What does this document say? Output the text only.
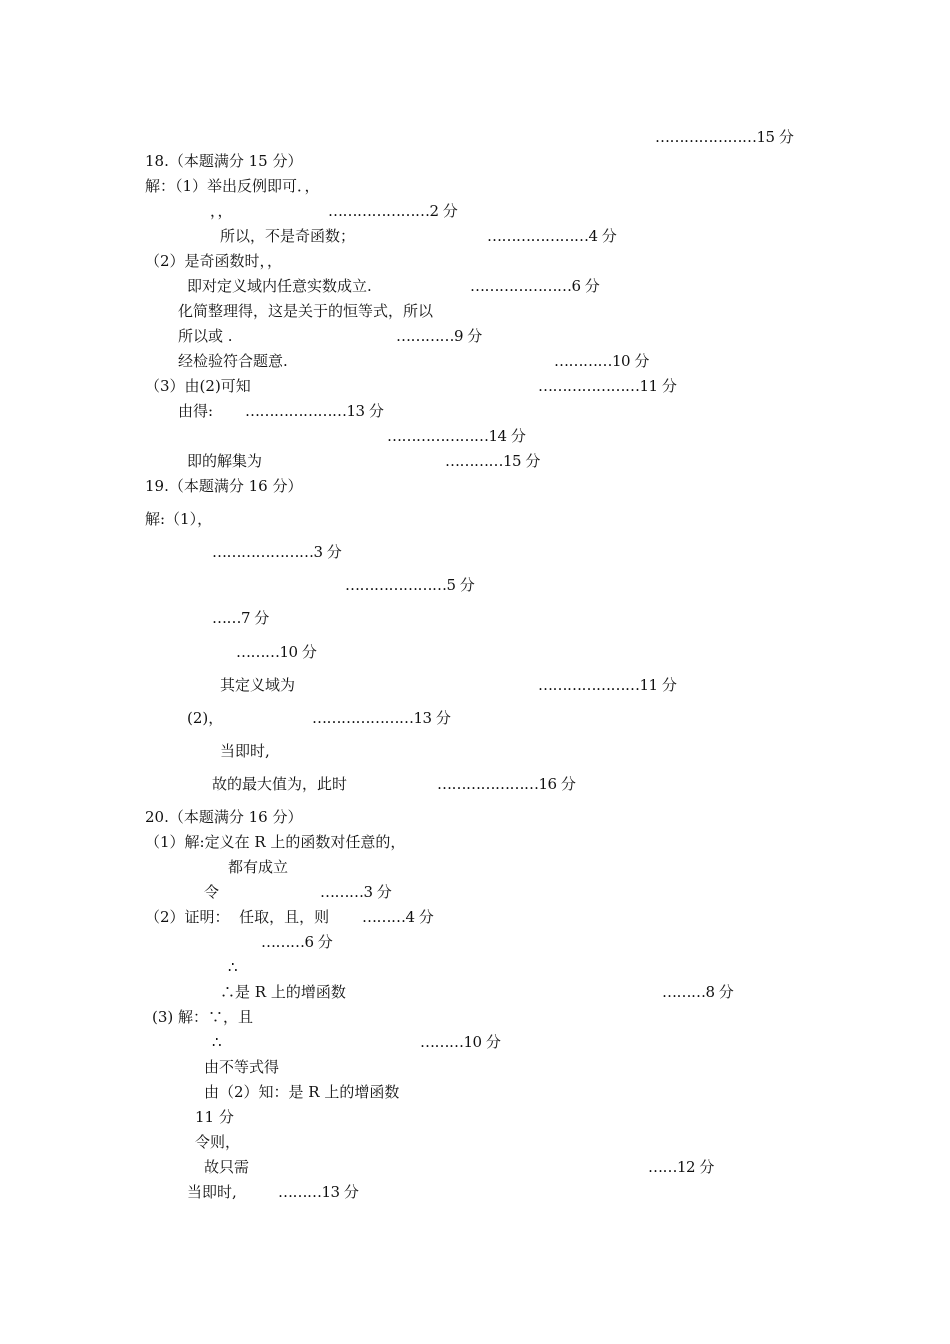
…………………15 分
18.（本题满分 15 分）
解：（1）举出反例即可．，
，，	…………………2 分
所以，不是奇函数；	…………………4 分
（2）是奇函数时，，
即对定义域内任意实数成立.	…………………6 分
化简整理得，这是关于的恒等式，所以
所以或 .	…………9 分
经检验符合题意.	…………10 分
（3）由(2)可知	…………………11 分
由得: …………………13 分
…………………14 分
即的解集为	…………15 分
19.（本题满分 16 分）
解:（1），
…………………3 分
…………………5 分
……7 分
………10 分
其定义域为	…………………11 分
(2)，	…………………13 分
当即时,
故的最大值为，此时	…………………16 分
20.（本题满分 16 分）
（1）解:定义在 R 上的函数对任意的，
都有成立
令	………3 分
（2）证明：  任取，且，则 ………4 分
………6 分
∴
∴是 R 上的增函数	………8 分
(3) 解：∵，且
∴	………10 分
由不等式得
由（2）知：是 R 上的增函数
11 分
令则，
故只需	……12 分
当即时,	………13 分
